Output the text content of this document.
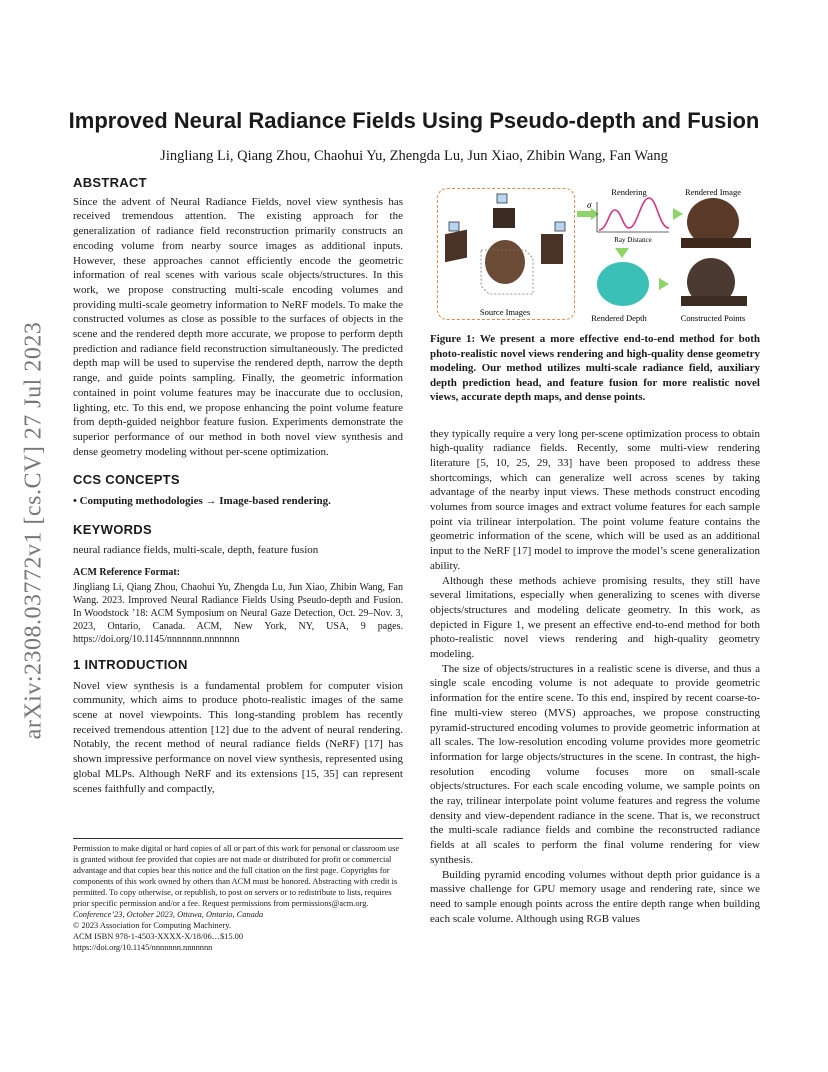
arXiv:2308.03772v1 [cs.CV] 27 Jul 2023
Improved Neural Radiance Fields Using Pseudo-depth and Fusion

Jingliang Li, Qiang Zhou, Chaohui Yu, Zhengda Lu, Jun Xiao, Zhibin Wang, Fan Wang

ABSTRACT

Since the advent of Neural Radiance Fields, novel view synthesis has received tremendous attention. The existing approach for the generalization of radiance field reconstruction primarily constructs an encoding volume from nearby source images as additional inputs. However, these approaches cannot efficiently encode the geometric information of real scenes with various scale objects/structures. In this work, we propose constructing multi-scale encoding volumes and providing multi-scale geometry information to NeRF models. To make the constructed volumes as close as possible to the surfaces of objects in the scene and the rendered depth more accurate, we propose to perform depth prediction and radiance field reconstruction simultaneously. The predicted depth map will be used to supervise the rendered depth, narrow the depth range, and guide points sampling. Finally, the geometric information contained in point volume features may be inaccurate due to occlusion, lighting, etc. To this end, we propose enhancing the point volume feature from depth-guided neighbor feature fusion. Experiments demonstrate the superior performance of our method in both novel view synthesis and dense geometry modeling without per-scene optimization.

CCS CONCEPTS

• Computing methodologies → Image-based rendering.

KEYWORDS

neural radiance fields, multi-scale, depth, feature fusion

ACM Reference Format:

Jingliang Li, Qiang Zhou, Chaohui Yu, Zhengda Lu, Jun Xiao, Zhibin Wang, Fan Wang. 2023. Improved Neural Radiance Fields Using Pseudo-depth and Fusion. In Woodstock ’18: ACM Symposium on Neural Gaze Detection, Oct. 29–Nov. 3, 2023, Ontario, Canada. ACM, New York, NY, USA, 9 pages. https://doi.org/10.1145/nnnnnnn.nnnnnnn

1 INTRODUCTION

Novel view synthesis is a fundamental problem for computer vision community, which aims to produce photo-realistic images of the same scene at novel viewpoints. This long-standing problem has recently received tremendous attention [12] due to the advent of neural rendering. Notably, the recent method of neural radiance fields (NeRF) [17] has shown impressive performance on novel view synthesis, represented using global MLPs. Although NeRF and its extensions [15, 35] can represent scenes faithfully and compactly,

Permission to make digital or hard copies of all or part of this work for personal or classroom use is granted without fee provided that copies are not made or distributed for profit or commercial advantage and that copies bear this notice and the full citation on the first page. Copyrights for components of this work owned by others than ACM must be honored. Abstracting with credit is permitted. To copy otherwise, or republish, to post on servers or to redistribute to lists, requires prior specific permission and/or a fee. Request permissions from permissions@acm.org.

Conference’23, October 2023, Ottawa, Ontario, Canada

© 2023 Association for Computing Machinery.

ACM ISBN 978-1-4503-XXXX-X/18/06…$15.00

https://doi.org/10.1145/nnnnnnn.nnnnnnn

Source Images
Rendering
σ
Ray Distance
Rendered Image
Rendered Depth	Constructed Points

Figure 1: We present a more effective end-to-end method for both photo-realistic novel views rendering and high-quality dense geometry modeling. Our method utilizes multi-scale radiance field, auxiliary depth prediction head, and feature fusion for more realistic novel views, accurate depth maps, and dense points.

they typically require a very long per-scene optimization process to obtain high-quality radiance fields. Recently, some multi-view rendering literature [5, 10, 25, 29, 33] have been proposed to address these shortcomings, which can generalize well across scenes by taking advantage of the nearby input views. These methods construct encoding volumes from source images and extract volume features for each sample point via trilinear interpolation. The point volume feature contains the geometric information of the scene, which will be used as an additional input to the NeRF [17] model to improve the model’s scene generalization ability.

Although these methods achieve promising results, they still have several limitations, especially when generalizing to scenes with diverse objects/structures and modeling delicate geometry. In this work, as depicted in Figure 1, we present an effective end-to-end method for both photo-realistic novel views rendering and high-quality geometry modeling.

The size of objects/structures in a realistic scene is diverse, and thus a single scale encoding volume is not adequate to provide geometric information for the entire scene. To this end, inspired by recent coarse-to-fine multi-view stereo (MVS) approaches, we propose constructing pyramid-structured encoding volumes to provide geometric information at all scales. The low-resolution encoding volume provides more geometric information for large objects/structures in the scene. In contrast, the high-resolution encoding volume focuses more on small-scale objects/structures. For each scale encoding volume, we sample points on the ray, trilinear interpolate point volume features and regress the volume density and view-dependent radiance in the scene. That is, we reconstruct the multi-scale radiance fields and combine the reconstructed radiance fields at all scales to perform the final volume rendering for view synthesis.

Building pyramid encoding volumes without depth prior guidance is a massive challenge for GPU memory usage and rendering rate, since we need to sample enough points across the entire depth range when building each scale volume. Although using RGB values
